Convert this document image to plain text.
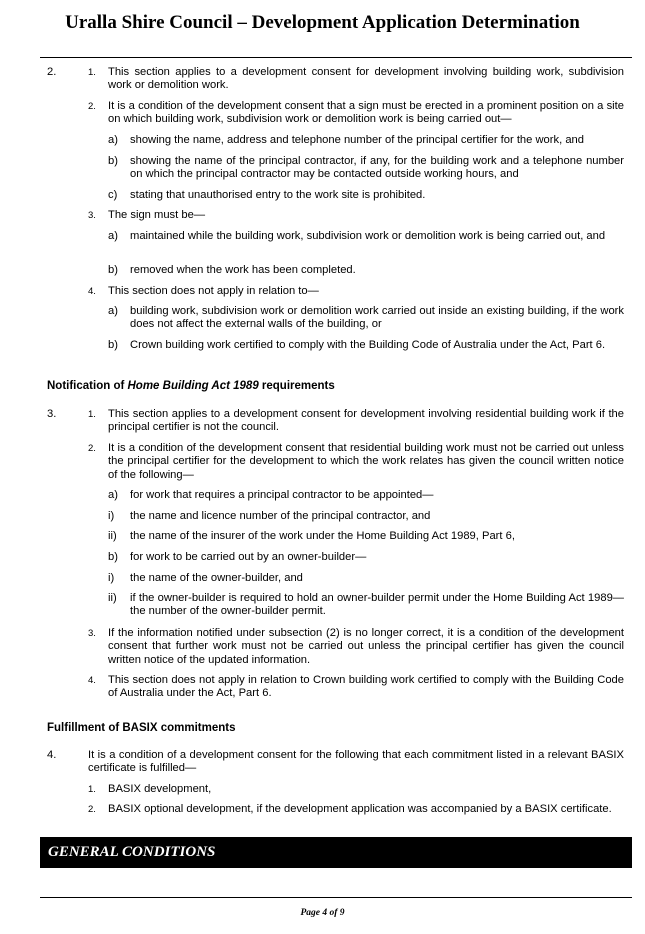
Uralla Shire Council – Development Application Determination
2.	1. This section applies to a development consent for development involving building work, subdivision work or demolition work.
2. It is a condition of the development consent that a sign must be erected in a prominent position on a site on which building work, subdivision work or demolition work is being carried out—
a) showing the name, address and telephone number of the principal certifier for the work, and
b) showing the name of the principal contractor, if any, for the building work and a telephone number on which the principal contractor may be contacted outside working hours, and
c) stating that unauthorised entry to the work site is prohibited.
3. The sign must be—
a) maintained while the building work, subdivision work or demolition work is being carried out, and
b) removed when the work has been completed.
4. This section does not apply in relation to—
a) building work, subdivision work or demolition work carried out inside an existing building, if the work does not affect the external walls of the building, or
b) Crown building work certified to comply with the Building Code of Australia under the Act, Part 6.
Notification of Home Building Act 1989 requirements
3.	1. This section applies to a development consent for development involving residential building work if the principal certifier is not the council.
2. It is a condition of the development consent that residential building work must not be carried out unless the principal certifier for the development to which the work relates has given the council written notice of the following—
a) for work that requires a principal contractor to be appointed—
i) the name and licence number of the principal contractor, and
ii) the name of the insurer of the work under the Home Building Act 1989, Part 6,
b) for work to be carried out by an owner-builder—
i) the name of the owner-builder, and
ii) if the owner-builder is required to hold an owner-builder permit under the Home Building Act 1989—the number of the owner-builder permit.
3. If the information notified under subsection (2) is no longer correct, it is a condition of the development consent that further work must not be carried out unless the principal certifier has given the council written notice of the updated information.
4. This section does not apply in relation to Crown building work certified to comply with the Building Code of Australia under the Act, Part 6.
Fulfillment of BASIX commitments
4.	It is a condition of a development consent for the following that each commitment listed in a relevant BASIX certificate is fulfilled—
1. BASIX development,
2. BASIX optional development, if the development application was accompanied by a BASIX certificate.
GENERAL CONDITIONS
Page 4 of 9
